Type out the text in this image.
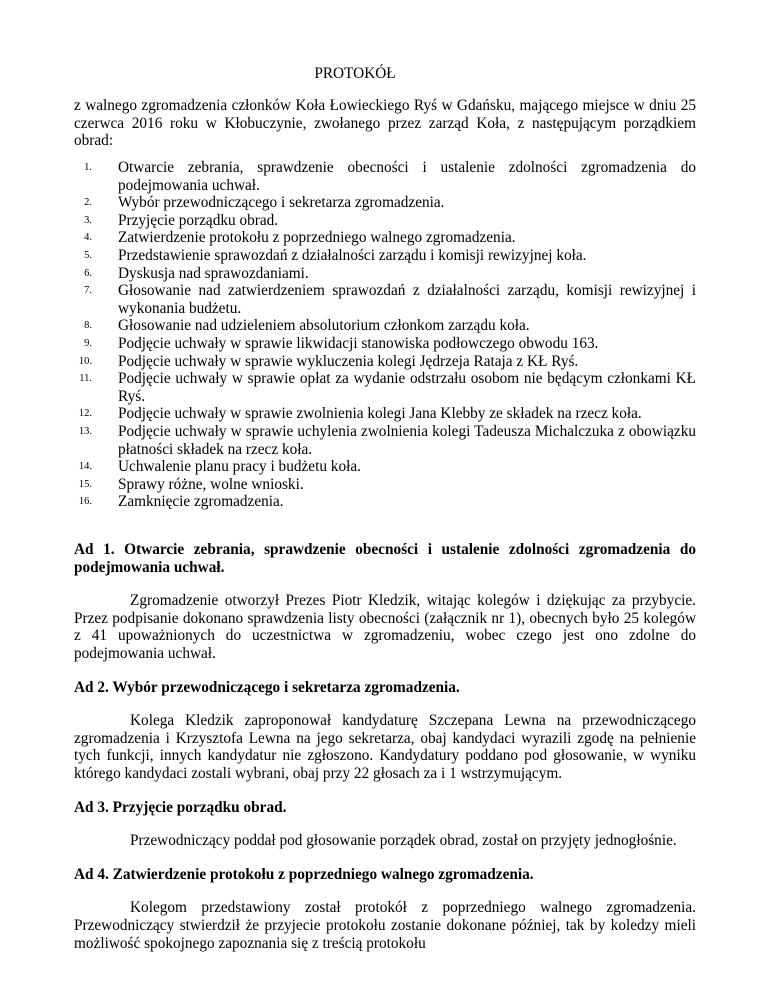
PROTOKÓŁ

z walnego zgromadzenia członków Koła Łowieckiego Ryś w Gdańsku, mającego miejsce w dniu 25 czerwca 2016 roku w Kłobuczynie, zwołanego przez zarząd Koła, z następującym porządkiem obrad:

1. Otwarcie zebrania, sprawdzenie obecności i ustalenie zdolności zgromadzenia do podejmowania uchwał.
2. Wybór przewodniczącego i sekretarza zgromadzenia.
3. Przyjęcie porządku obrad.
4. Zatwierdzenie protokołu z poprzedniego walnego zgromadzenia.
5. Przedstawienie sprawozdań z działalności zarządu i komisji rewizyjnej koła.
6. Dyskusja nad sprawozdaniami.
7. Głosowanie nad zatwierdzeniem sprawozdań z działalności zarządu, komisji rewizyjnej i wykonania budżetu.
8. Głosowanie nad udzieleniem absolutorium członkom zarządu koła.
9. Podjęcie uchwały w sprawie likwidacji stanowiska podłowczego obwodu 163.
10. Podjęcie uchwały w sprawie wykluczenia kolegi Jędrzeja Rataja z KŁ Ryś.
11. Podjęcie uchwały w sprawie opłat za wydanie odstrzału osobom nie będącym członkami KŁ Ryś.
12. Podjęcie uchwały w sprawie zwolnienia kolegi Jana Klebby ze składek na rzecz koła.
13. Podjęcie uchwały w sprawie uchylenia zwolnienia kolegi Tadeusza Michalczuka z obowiązku płatności składek na rzecz koła.
14. Uchwalenie planu pracy i budżetu koła.
15. Sprawy różne, wolne wnioski.
16. Zamknięcie zgromadzenia.
Ad 1. Otwarcie zebrania, sprawdzenie obecności i ustalenie zdolności zgromadzenia do podejmowania uchwał.

Zgromadzenie otworzył Prezes Piotr Kledzik, witając kolegów i dziękując za przybycie. Przez podpisanie dokonano sprawdzenia listy obecności (załącznik nr 1), obecnych było 25 kolegów z 41 upoważnionych do uczestnictwa w zgromadzeniu, wobec czego jest ono zdolne do podejmowania uchwał.

Ad 2. Wybór przewodniczącego i sekretarza zgromadzenia.

Kolega Kledzik zaproponował kandydaturę Szczepana Lewna na przewodniczącego zgromadzenia i Krzysztofa Lewna na jego sekretarza, obaj kandydaci wyrazili zgodę na pełnienie tych funkcji, innych kandydatur nie zgłoszono. Kandydatury poddano pod głosowanie, w wyniku którego kandydaci zostali wybrani, obaj przy 22 głosach za i 1 wstrzymującym.

Ad 3. Przyjęcie porządku obrad.

Przewodniczący poddał pod głosowanie porządek obrad, został on przyjęty jednogłośnie.

Ad 4. Zatwierdzenie protokołu z poprzedniego walnego zgromadzenia.

Kolegom przedstawiony został protokół z poprzedniego walnego zgromadzenia. Przewodniczący stwierdził że przyjecie protokołu zostanie dokonane później, tak by koledzy mieli możliwość spokojnego zapoznania się z treścią protokołu
